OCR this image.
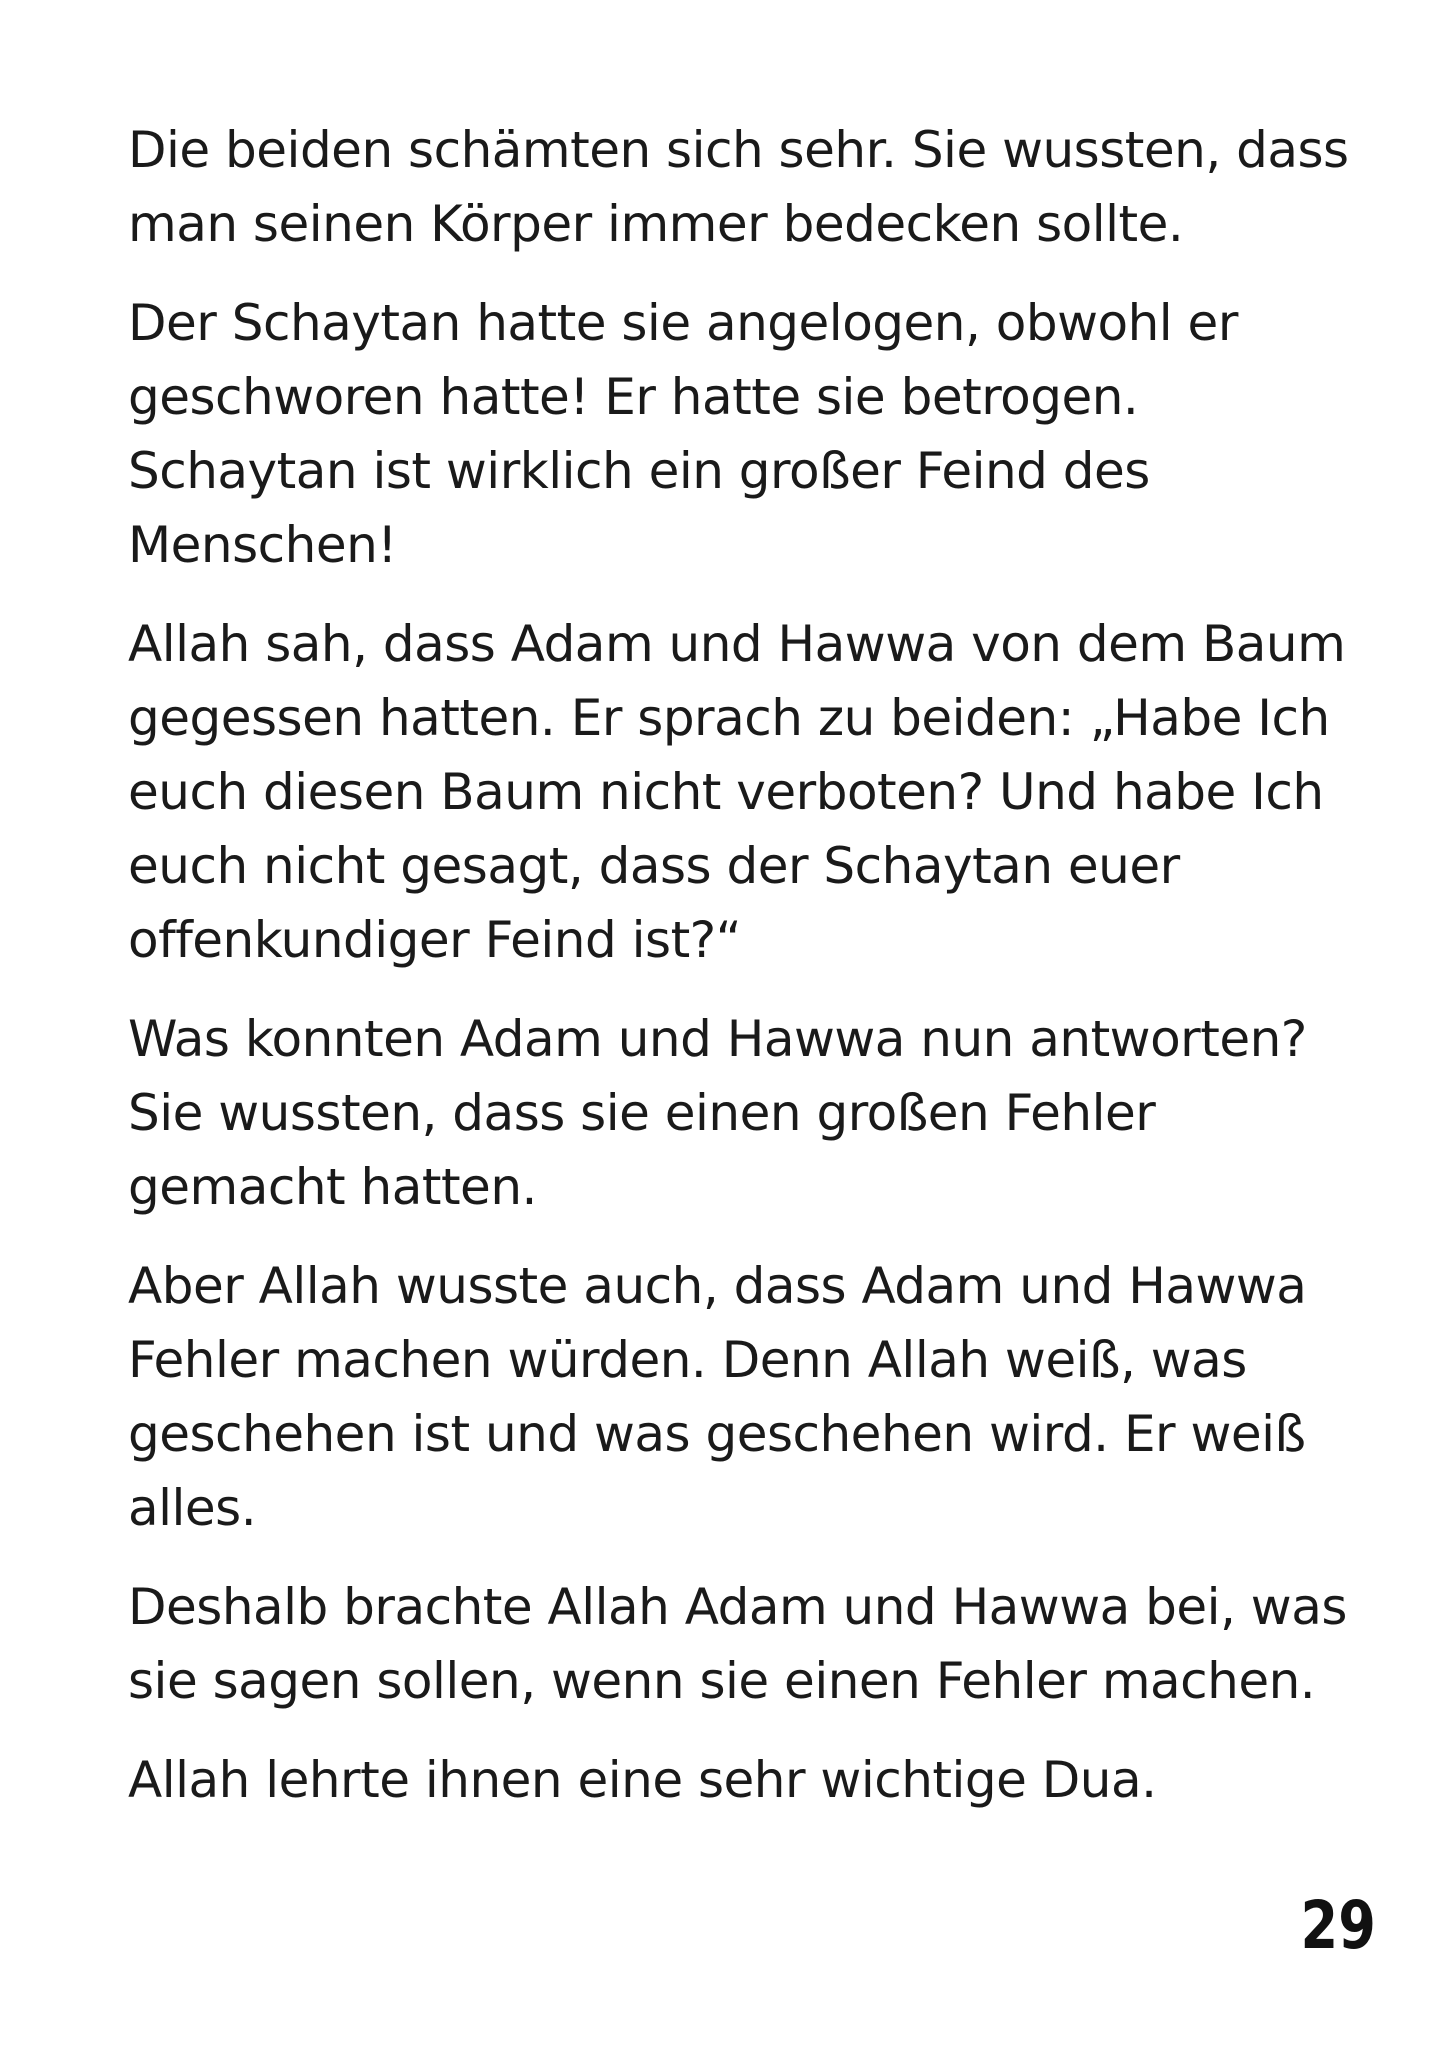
Die beiden schämten sich sehr. Sie wussten, dass
man seinen Körper immer bedecken sollte.

Der Schaytan hatte sie angelogen, obwohl er
geschworen hatte! Er hatte sie betrogen.
Schaytan ist wirklich ein großer Feind des
Menschen!

Allah sah, dass Adam und Hawwa von dem Baum
gegessen hatten. Er sprach zu beiden: „Habe Ich
euch diesen Baum nicht verboten? Und habe Ich
euch nicht gesagt, dass der Schaytan euer
offenkundiger Feind ist?“

Was konnten Adam und Hawwa nun antworten?
Sie wussten, dass sie einen großen Fehler
gemacht hatten.

Aber Allah wusste auch, dass Adam und Hawwa
Fehler machen würden. Denn Allah weiß, was
geschehen ist und was geschehen wird. Er weiß
alles.

Deshalb brachte Allah Adam und Hawwa bei, was
sie sagen sollen, wenn sie einen Fehler machen.

Allah lehrte ihnen eine sehr wichtige Dua.

29
